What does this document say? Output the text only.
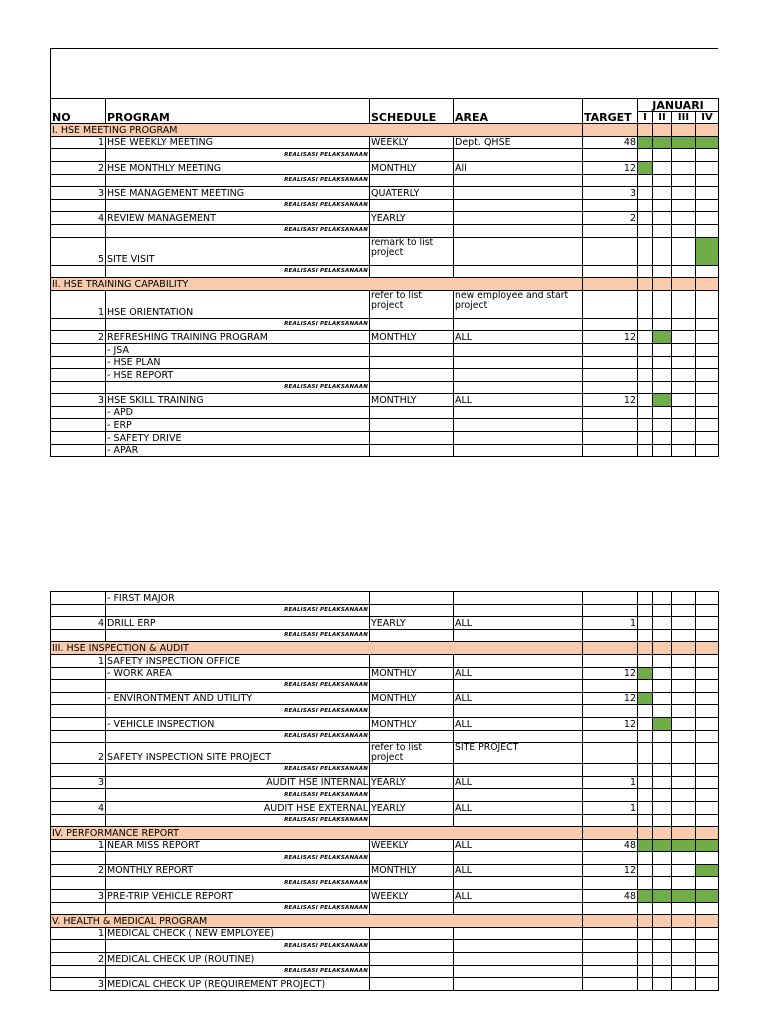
NO	PROGRAM	SCHEDULE	AREA	TARGET	JANUARI			
					I	II	III	IV
I. HSE MEETING PROGRAM								
1	HSE WEEKLY MEETING	WEEKLY	Dept. QHSE	48				
	REALISASI PELAKSANAAN							
2	HSE MONTHLY MEETING	MONTHLY	All	12				
	REALISASI PELAKSANAAN							
3	HSE MANAGEMENT MEETING	QUATERLY		3				
	REALISASI PELAKSANAAN							
4	REVIEW MANAGEMENT	YEARLY		2				
	REALISASI PELAKSANAAN							
5	SITE VISIT	remark to list project						
	REALISASI PELAKSANAAN							
II. HSE TRAINING CAPABILITY								
1	HSE ORIENTATION	refer to list project	new employee and start project					
	REALISASI PELAKSANAAN							
2	REFRESHING TRAINING PROGRAM	MONTHLY	ALL	12				
	- JSA							
	- HSE PLAN							
	- HSE REPORT							
	REALISASI PELAKSANAAN							
3	HSE SKILL TRAINING	MONTHLY	ALL	12				
	- APD							
	- ERP							
	- SAFETY DRIVE							
	- APAR							
	- FIRST MAJOR							
	REALISASI PELAKSANAAN							
4	DRILL ERP	YEARLY	ALL	1				
	REALISASI PELAKSANAAN							
III. HSE INSPECTION & AUDIT								
1	SAFETY INSPECTION OFFICE							
	- WORK AREA	MONTHLY	ALL	12				
	REALISASI PELAKSANAAN							
	- ENVIRONTMENT AND UTILITY	MONTHLY	ALL	12				
	REALISASI PELAKSANAAN							
	- VEHICLE INSPECTION	MONTHLY	ALL	12				
	REALISASI PELAKSANAAN							
2	SAFETY INSPECTION SITE PROJECT	refer to list project	SITE PROJECT					
	REALISASI PELAKSANAAN							
3	AUDIT HSE INTERNAL	YEARLY	ALL	1				
	REALISASI PELAKSANAAN							
4	AUDIT HSE EXTERNAL	YEARLY	ALL	1				
	REALISASI PELAKSANAAN							
IV. PERFORMANCE REPORT								
1	NEAR MISS REPORT	WEEKLY	ALL	48				
	REALISASI PELAKSANAAN							
2	MONTHLY REPORT	MONTHLY	ALL	12				
	REALISASI PELAKSANAAN							
3	PRE-TRIP VEHICLE REPORT	WEEKLY	ALL	48				
	REALISASI PELAKSANAAN							
V. HEALTH & MEDICAL PROGRAM								
1	MEDICAL CHECK ( NEW EMPLOYEE)							
	REALISASI PELAKSANAAN							
2	MEDICAL CHECK UP (ROUTINE)							
	REALISASI PELAKSANAAN							
3	MEDICAL CHECK UP (REQUIREMENT PROJECT)							
